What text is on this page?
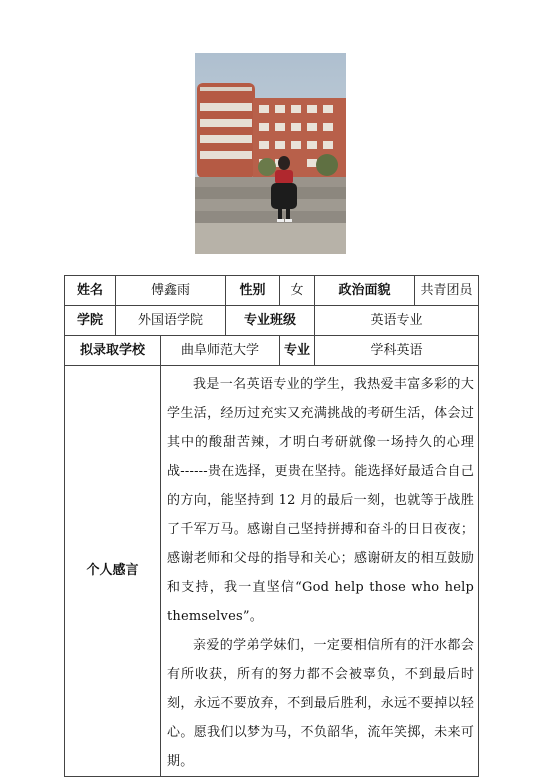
姓名	傅鑫雨		性别	女	政治面貌	共青团员
学院	外国语学院		专业班级		英语专业	
拟录取学校		曲阜师范大学		专业	学科英语	
个人感言		我是一名英语专业的学生，我热爱丰富多彩的大学生活，经历过充实又充满挑战的考研生活，体会过其中的酸甜苦辣，才明白考研就像一场持久的心理战------贵在选择，更贵在坚持。能选择好最适合自己的方向，能坚持到 12 月的最后一刻，也就等于战胜了千军万马。感谢自己坚持拼搏和奋斗的日日夜夜；感谢老师和父母的指导和关心；感谢研友的相互鼓励和支持，我一直坚信“God help those who help themselves”。

亲爱的学弟学妹们，一定要相信所有的汗水都会有所收获，所有的努力都不会被辜负，不到最后时刻，永远不要放弃，不到最后胜利，永远不要掉以轻心。愿我们以梦为马，不负韶华，流年笑掷，未来可期。				
